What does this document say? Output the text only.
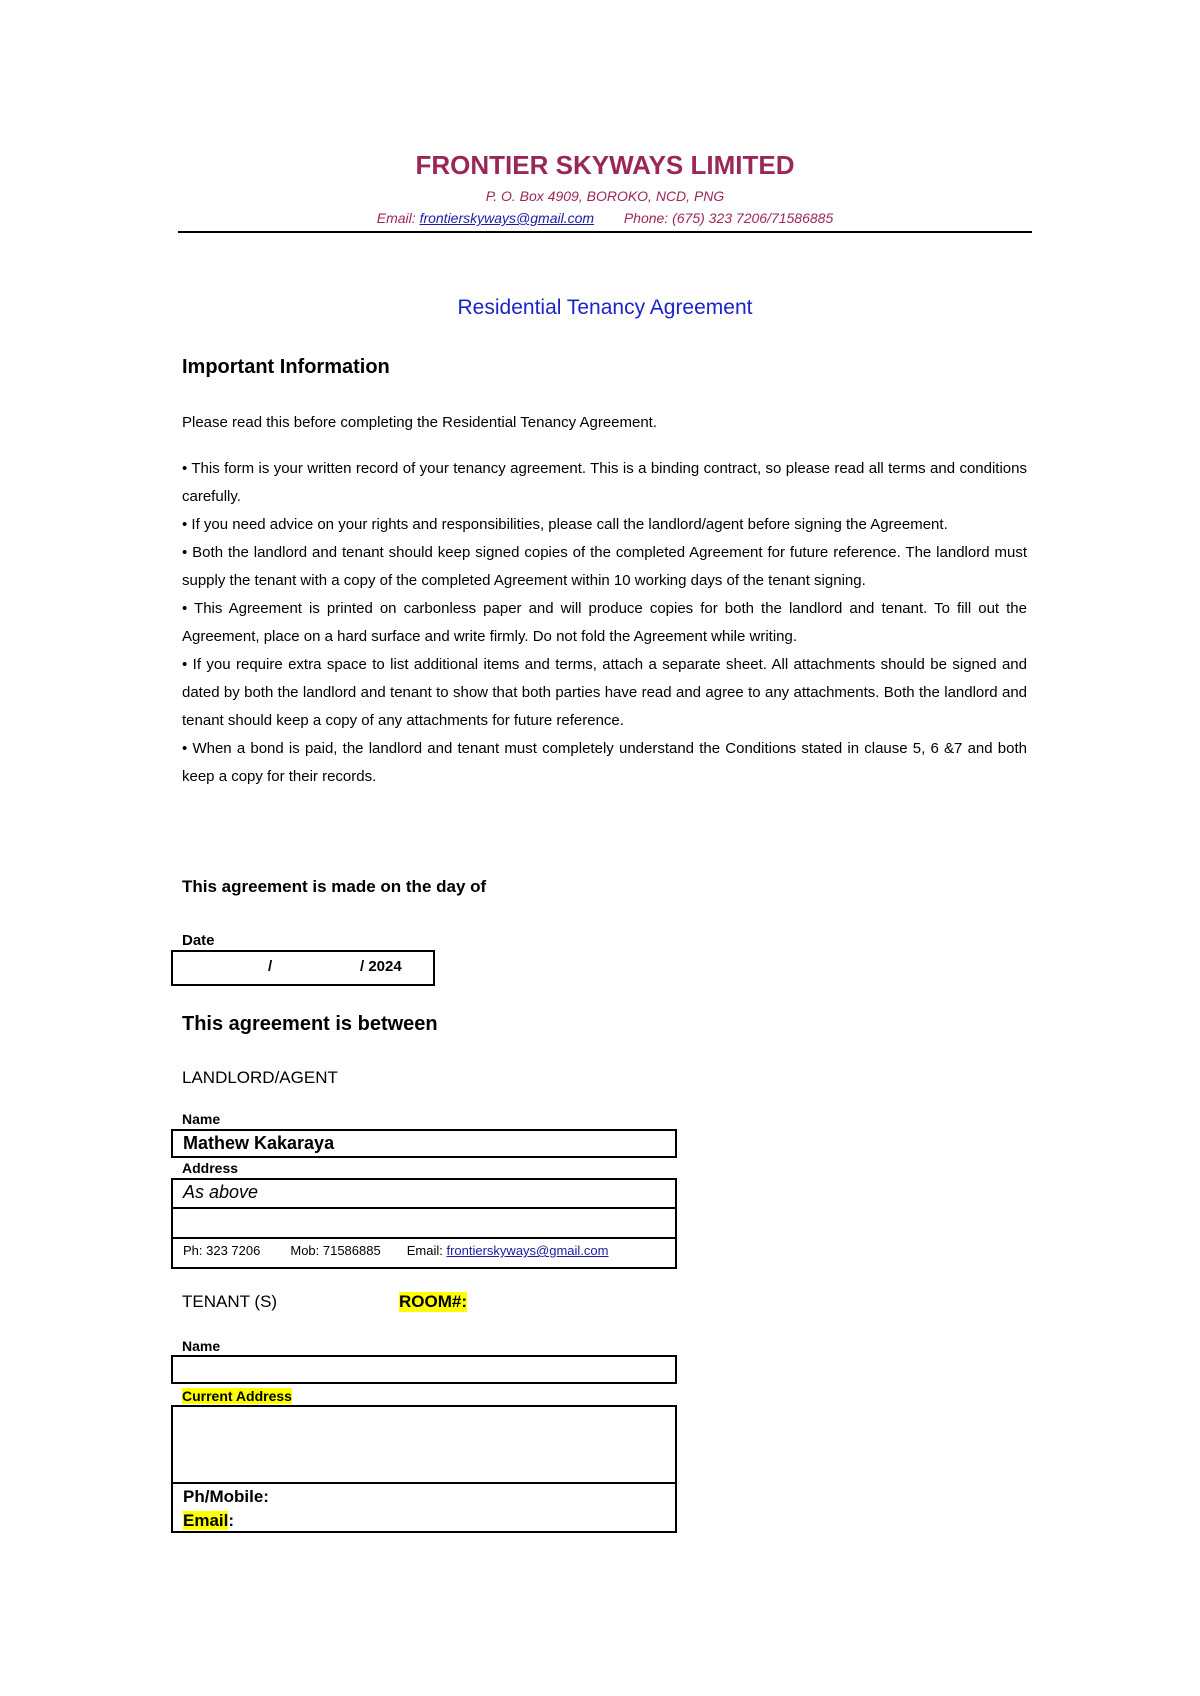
FRONTIER SKYWAYS LIMITED
P. O. Box 4909, BOROKO, NCD, PNG
Email: frontierskyways@gmail.com Phone: (675) 323 7206/71586885
Residential Tenancy Agreement
Important Information
Please read this before completing the Residential Tenancy Agreement.

• This form is your written record of your tenancy agreement. This is a binding contract, so please read all terms and conditions carefully.

• If you need advice on your rights and responsibilities, please call the landlord/agent before signing the Agreement.

• Both the landlord and tenant should keep signed copies of the completed Agreement for future reference. The landlord must supply the tenant with a copy of the completed Agreement within 10 working days of the tenant signing.

• This Agreement is printed on carbonless paper and will produce copies for both the landlord and tenant. To fill out the Agreement, place on a hard surface and write firmly. Do not fold the Agreement while writing.

• If you require extra space to list additional items and terms, attach a separate sheet. All attachments should be signed and dated by both the landlord and tenant to show that both parties have read and agree to any attachments. Both the landlord and tenant should keep a copy of any attachments for future reference.

• When a bond is paid, the landlord and tenant must completely understand the Conditions stated in clause 5, 6 &7 and both keep a copy for their records.

This agreement is made on the day of
Date
/	/ 2024
This agreement is between
LANDLORD/AGENT
Name
Mathew Kakaraya
Address
As above
Ph: 323 7206 Mob: 71586885 Email: frontierskyways@gmail.com
TENANT (S)	ROOM#:
Name
Current Address
Ph/Mobile:
Email:
